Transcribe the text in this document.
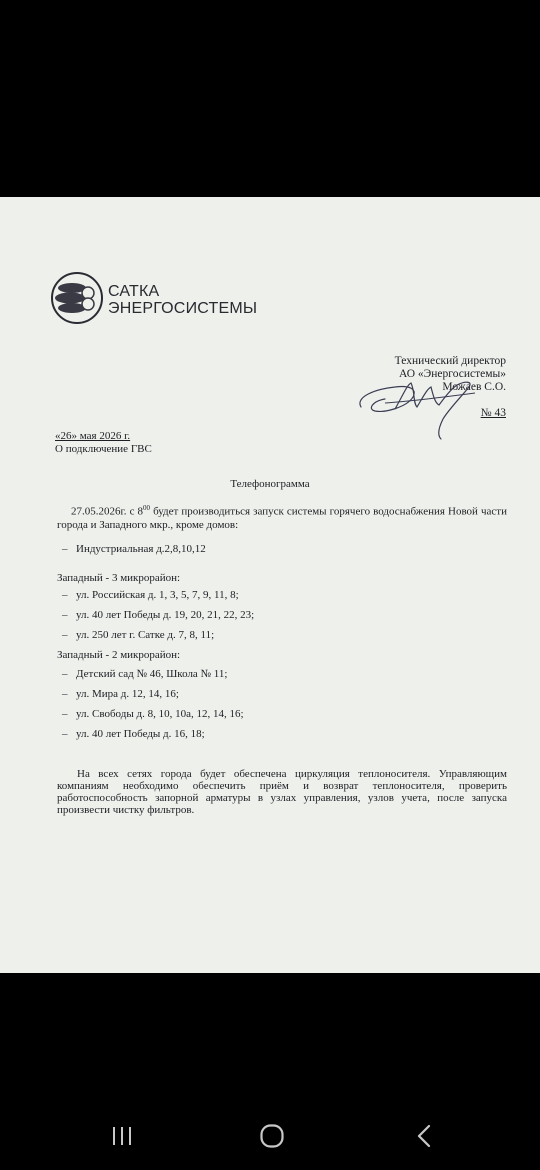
САТКА
ЭНЕРГОСИСТЕМЫ
Технический директор
АО «Энергосистемы»
Можаев С.О.
№ 43
«26» мая 2026 г.
О подключение ГВС
Телефонограмма
27.05.2026г. с $8^{00}$ будет производиться запуск системы горячего водоснабжения Новой части города и Западного мкр., кроме домов:
– Индустриальная д.2,8,10,12
Западный - 3 микрорайон:
– ул. Российская д. 1, 3, 5, 7, 9, 11, 8;
– ул. 40 лет Победы д. 19, 20, 21, 22, 23;
– ул. 250 лет г. Сатке д. 7, 8, 11;
Западный - 2 микрорайон:
– Детский сад № 46, Школа № 11;
– ул. Мира д. 12, 14, 16;
– ул. Свободы д. 8, 10, 10а, 12, 14, 16;
– ул. 40 лет Победы д. 16, 18;
На всех сетях города будет обеспечена циркуляция теплоносителя. Управляющим компаниям необходимо обеспечить приём и возврат теплоносителя, проверить работоспособность запорной арматуры в узлах управления, узлов учета, после запуска произвести чистку фильтров.
